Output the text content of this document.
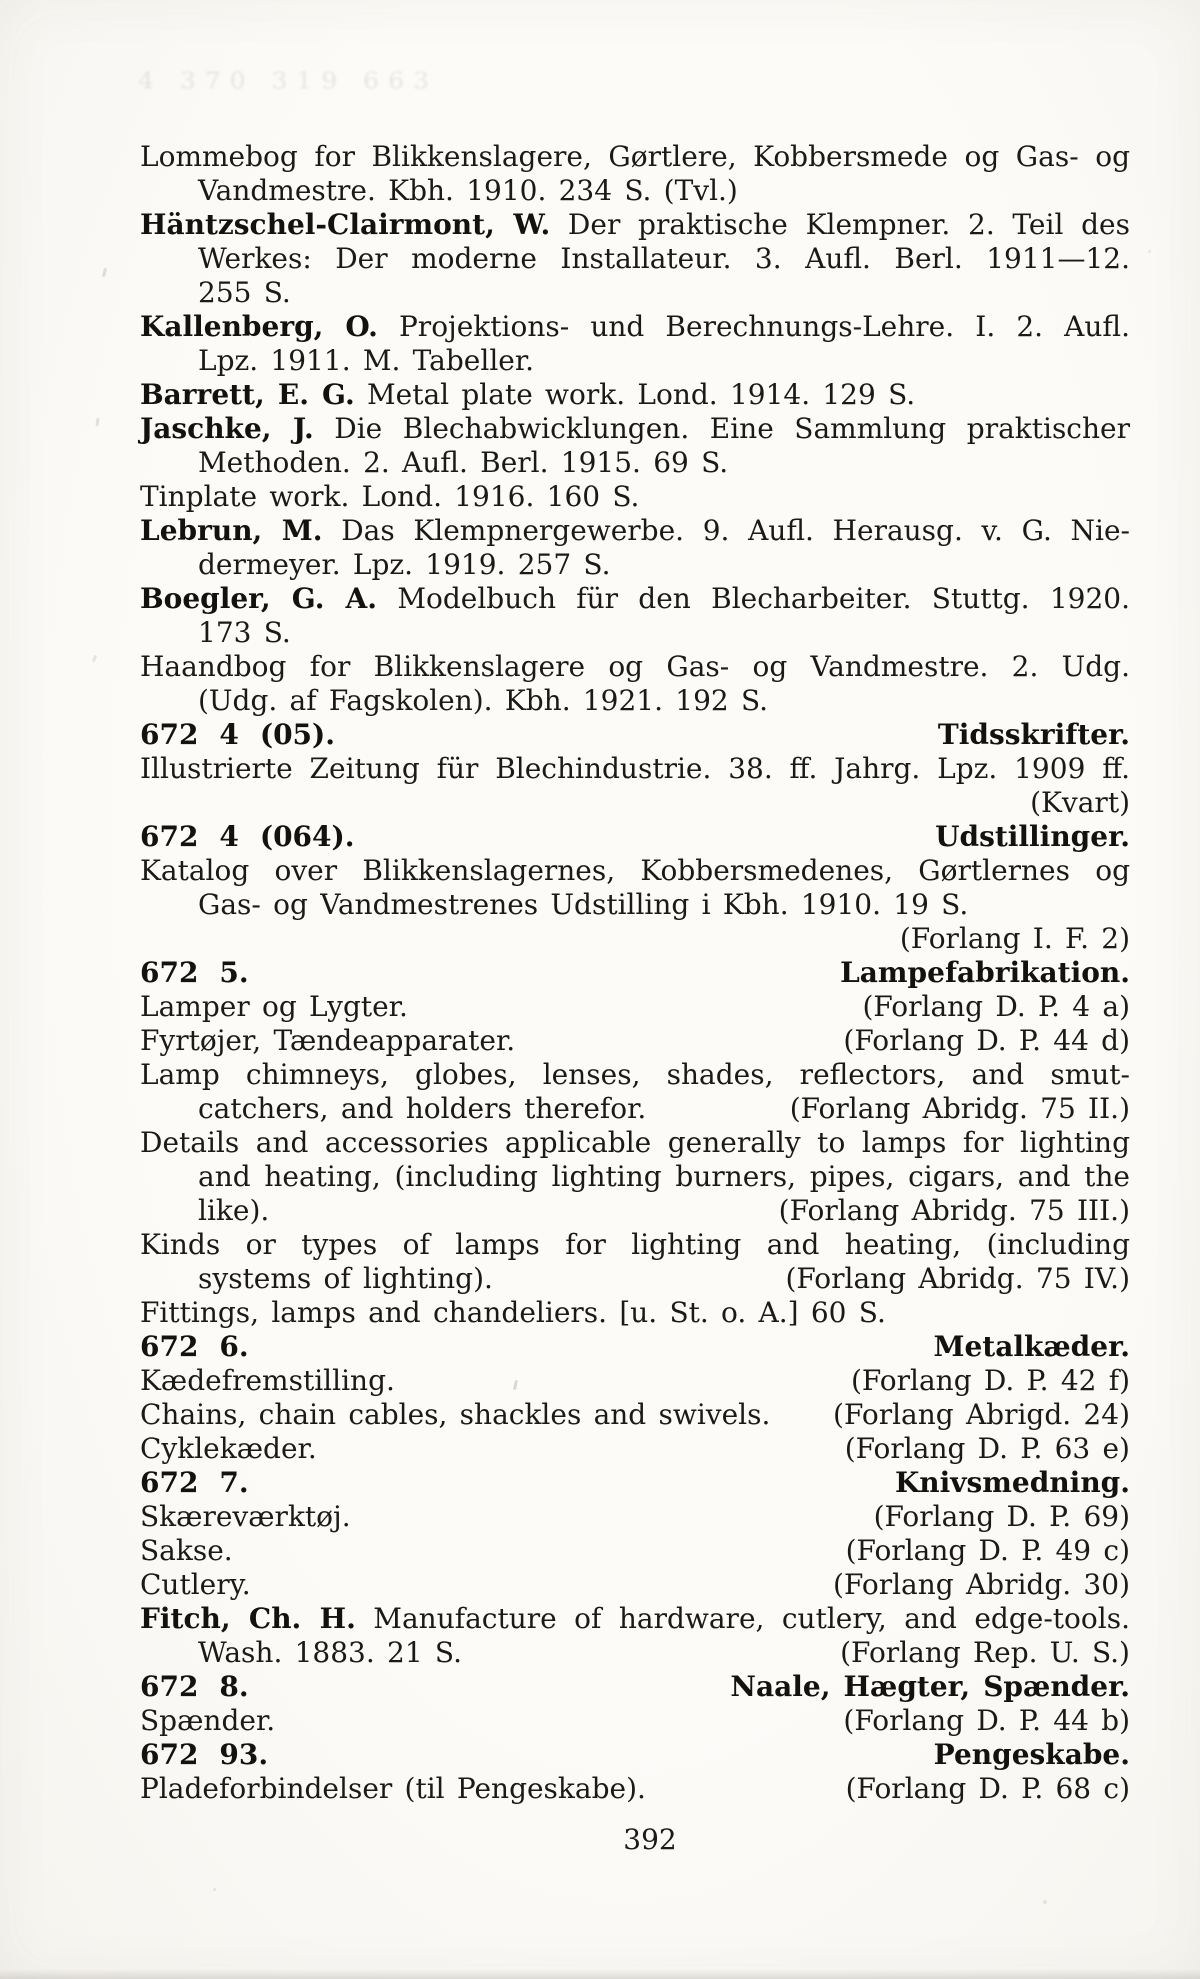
4 370 319 663
Lommebog for Blikkenslagere, Gørtlere, Kobbersmede og Gas- og
Vandmestre. Kbh. 1910. 234 S. (Tvl.)
Häntzschel-Clairmont, W. Der praktische Klempner. 2. Teil des
Werkes: Der moderne Installateur. 3. Aufl. Berl. 1911—12.
255 S.
Kallenberg, O. Projektions- und Berechnungs-Lehre. I. 2. Aufl.
Lpz. 1911. M. Tabeller.
Barrett, E. G. Metal plate work. Lond. 1914. 129 S.
Jaschke, J. Die Blechabwicklungen. Eine Sammlung praktischer
Methoden. 2. Aufl. Berl. 1915. 69 S.
Tinplate work. Lond. 1916. 160 S.
Lebrun, M. Das Klempnergewerbe. 9. Aufl. Herausg. v. G. Nie-
dermeyer. Lpz. 1919. 257 S.
Boegler, G. A. Modelbuch für den Blecharbeiter. Stuttg. 1920.
173 S.
Haandbog for Blikkenslagere og Gas- og Vandmestre. 2. Udg.
(Udg. af Fagskolen). Kbh. 1921. 192 S.
672 4 (05).	Tidsskrifter.
Illustrierte Zeitung für Blechindustrie. 38. ff. Jahrg. Lpz. 1909 ff.
(Kvart)
672 4 (064).	Udstillinger.
Katalog over Blikkenslagernes, Kobbersmedenes, Gørtlernes og
Gas- og Vandmestrenes Udstilling i Kbh. 1910. 19 S.
(Forlang I. F. 2)
672 5.	Lampefabrikation.
Lamper og Lygter.	(Forlang D. P. 4 a)
Fyrtøjer, Tændeapparater.	(Forlang D. P. 44 d)
Lamp chimneys, globes, lenses, shades, reflectors, and smut-
catchers, and holders therefor.	(Forlang Abridg. 75 II.)
Details and accessories applicable generally to lamps for lighting
and heating, (including lighting burners, pipes, cigars, and the
like).	(Forlang Abridg. 75 III.)
Kinds or types of lamps for lighting and heating, (including
systems of lighting).	(Forlang Abridg. 75 IV.)
Fittings, lamps and chandeliers. [u. St. o. A.] 60 S.
672 6.	Metalkæder.
Kædefremstilling.	(Forlang D. P. 42 f)
Chains, chain cables, shackles and swivels. (Forlang Abrigd. 24)
Cyklekæder.	(Forlang D. P. 63 e)
672 7.	Knivsmedning.
Skæreværktøj.	(Forlang D. P. 69)
Sakse.	(Forlang D. P. 49 c)
Cutlery.	(Forlang Abridg. 30)
Fitch, Ch. H. Manufacture of hardware, cutlery, and edge-tools.
Wash. 1883. 21 S.	(Forlang Rep. U. S.)
672 8.	Naale, Hægter, Spænder.
Spænder.	(Forlang D. P. 44 b)
672 93.	Pengeskabe.
Pladeforbindelser (til Pengeskabe).	(Forlang D. P. 68 c)
392
